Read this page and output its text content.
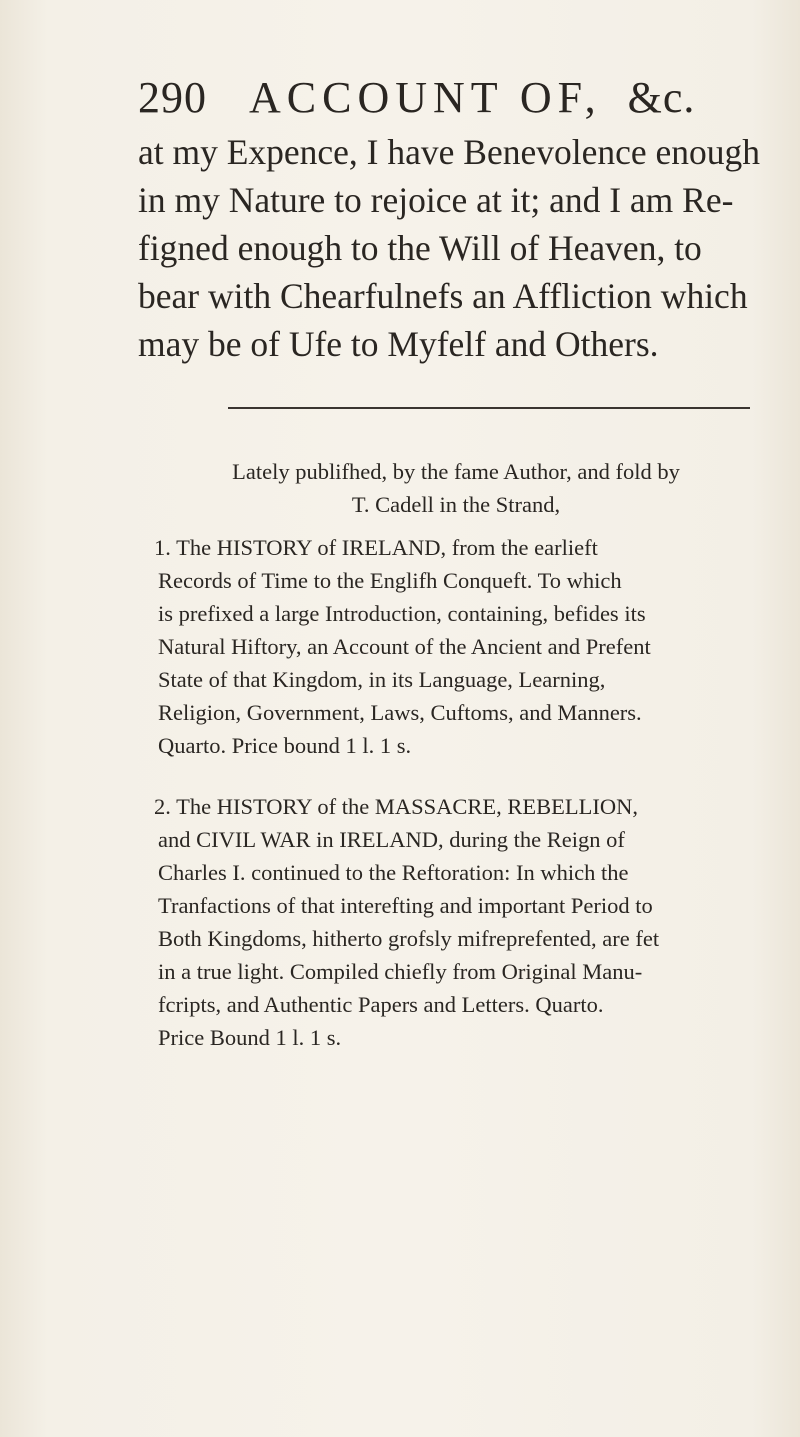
290 ACCOUNT OF, &c.
at my Expence, I have Benevolence enough
in my Nature to rejoice at it; and I am Re-
figned enough to the Will of Heaven, to
bear with Chearfulnefs an Affliction which
may be of Ufe to Myfelf and Others.
Lately publifhed, by the fame Author, and fold by
T. Cadell in the Strand,
1. The HISTORY of IRELAND, from the earlieft
Records of Time to the Englifh Conqueft. To which
is prefixed a large Introduction, containing, befides its
Natural Hiftory, an Account of the Ancient and Prefent
State of that Kingdom, in its Language, Learning,
Religion, Government, Laws, Cuftoms, and Manners.
Quarto. Price bound 1 l. 1 s.
2. The HISTORY of the MASSACRE, REBELLION,
and CIVIL WAR in IRELAND, during the Reign of
Charles I. continued to the Reftoration: In which the
Tranfactions of that interefting and important Period to
Both Kingdoms, hitherto grofsly mifreprefented, are fet
in a true light. Compiled chiefly from Original Manu-
fcripts, and Authentic Papers and Letters. Quarto.
Price Bound 1 l. 1 s.
